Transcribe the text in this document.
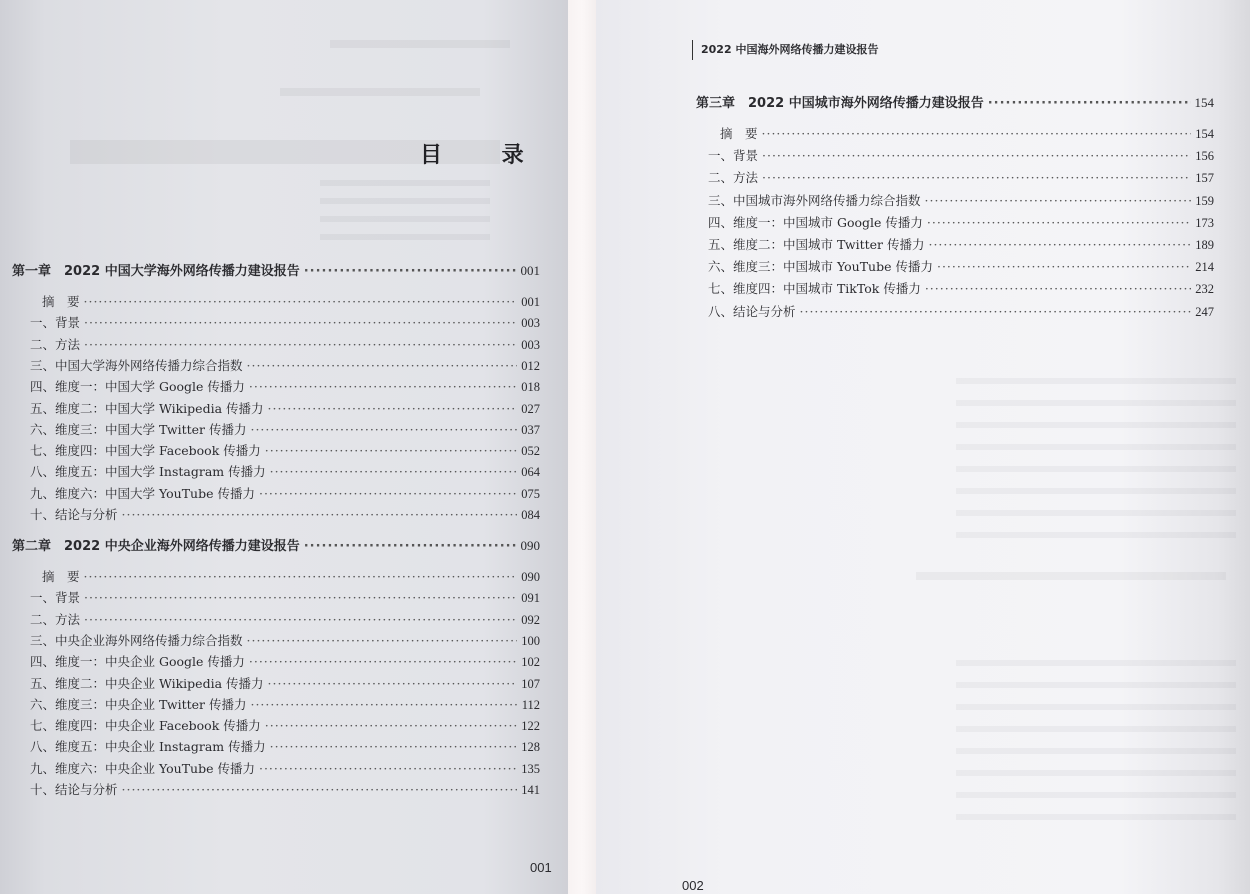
目 录
第一章　2022 中国大学海外网络传播力建设报告 ·····	001
摘　要 ·····	001
一、背景 ·····	003
二、方法 ·····	003
三、中国大学海外网络传播力综合指数 ·····	012
四、维度一：中国大学 Google 传播力 ·····	018
五、维度二：中国大学 Wikipedia 传播力 ·····	027
六、维度三：中国大学 Twitter 传播力 ·····	037
七、维度四：中国大学 Facebook 传播力 ·····	052
八、维度五：中国大学 Instagram 传播力 ·····	064
九、维度六：中国大学 YouTube 传播力 ·····	075
十、结论与分析 ·····	084
第二章　2022 中央企业海外网络传播力建设报告 ·····	090
摘　要 ·····	090
一、背景 ·····	091
二、方法 ·····	092
三、中央企业海外网络传播力综合指数 ·····	100
四、维度一：中央企业 Google 传播力 ·····	102
五、维度二：中央企业 Wikipedia 传播力 ·····	107
六、维度三：中央企业 Twitter 传播力 ·····	112
七、维度四：中央企业 Facebook 传播力 ·····	122
八、维度五：中央企业 Instagram 传播力 ·····	128
九、维度六：中央企业 YouTube 传播力 ·····	135
十、结论与分析 ·····	141
001
2022 中国海外网络传播力建设报告
第三章　2022 中国城市海外网络传播力建设报告 ·····	154
摘　要 ·····	154
一、背景 ·····	156
二、方法 ·····	157
三、中国城市海外网络传播力综合指数 ·····	159
四、维度一：中国城市 Google 传播力 ·····	173
五、维度二：中国城市 Twitter 传播力 ·····	189
六、维度三：中国城市 YouTube 传播力 ·····	214
七、维度四：中国城市 TikTok 传播力 ·····	232
八、结论与分析 ·····	247
002
